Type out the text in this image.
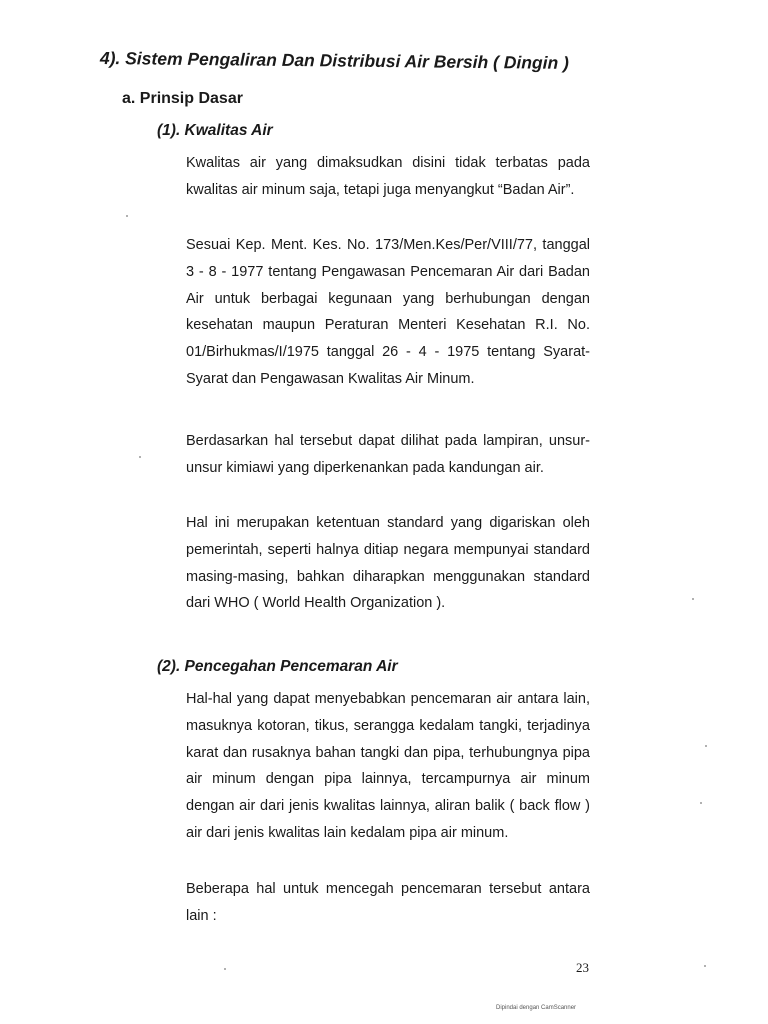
4). Sistem Pengaliran Dan Distribusi Air Bersih ( Dingin )
a. Prinsip Dasar
(1). Kwalitas Air

Kwalitas air yang dimaksudkan disini tidak terbatas pada kwalitas air minum saja, tetapi juga menyangkut “Badan Air”.

Sesuai Kep. Ment. Kes. No. 173/Men.Kes/Per/VIII/77, tanggal 3 - 8 - 1977 tentang Pengawasan Pencemaran Air dari Badan Air untuk berbagai kegunaan yang berhubungan dengan kesehatan maupun Peraturan Menteri Kesehatan R.I. No. 01/Birhukmas/I/1975 tanggal 26 - 4 - 1975 tentang Syarat-Syarat dan Pengawasan Kwalitas Air Minum.

Berdasarkan hal tersebut dapat dilihat pada lampiran, unsur-unsur kimiawi yang diperkenankan pada kandungan air.

Hal ini merupakan ketentuan standard yang digariskan oleh pemerintah, seperti halnya ditiap negara mempunyai standard masing-masing, bahkan diharapkan menggunakan standard dari WHO ( World Health Organization ).

(2). Pencegahan Pencemaran Air

Hal-hal yang dapat menyebabkan pencemaran air antara lain, masuknya kotoran, tikus, serangga kedalam tangki, terjadinya karat dan rusaknya bahan tangki dan pipa, terhubungnya pipa air minum dengan pipa lainnya, tercampurnya air minum dengan air dari jenis kwalitas lainnya, aliran balik ( back flow ) air dari jenis kwalitas lain kedalam pipa air minum.

Beberapa hal untuk mencegah pencemaran tersebut antara lain :

23
Dipindai dengan CamScanner
